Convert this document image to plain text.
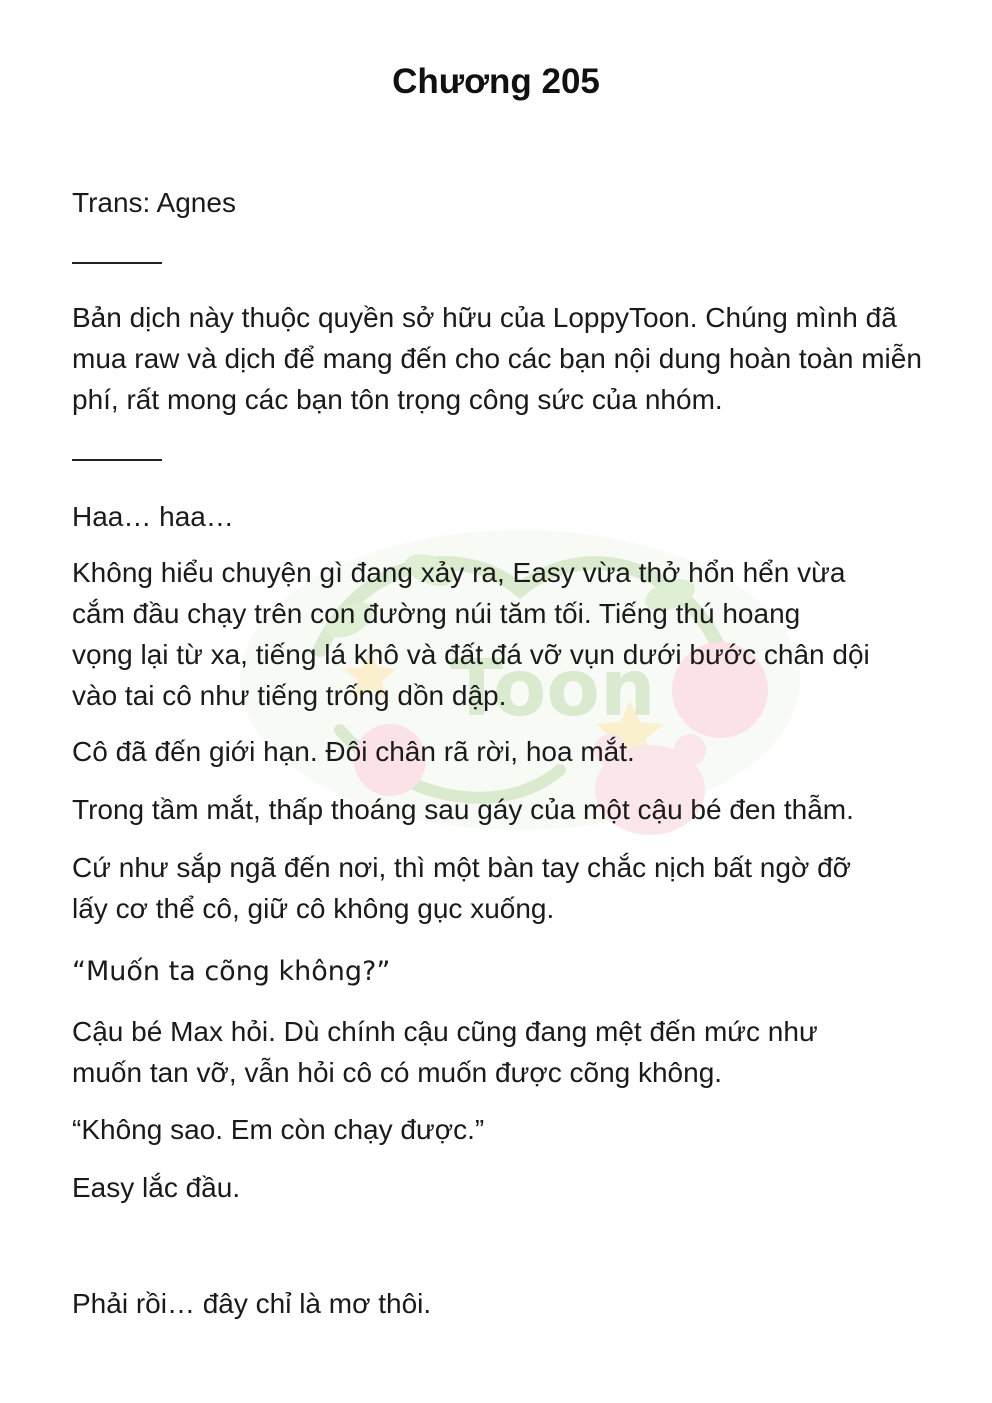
Toon
Chương 205

Trans: Agnes

Bản dịch này thuộc quyền sở hữu của LoppyToon. Chúng mình đã mua raw và dịch để mang đến cho các bạn nội dung hoàn toàn miễn phí, rất mong các bạn tôn trọng công sức của nhóm.

Haa… haa…

Không hiểu chuyện gì đang xảy ra, Easy vừa thở hổn hển vừa

cắm đầu chạy trên con đường núi tăm tối. Tiếng thú hoang

vọng lại từ xa, tiếng lá khô và đất đá vỡ vụn dưới bước chân dội

vào tai cô như tiếng trống dồn dập.

Cô đã đến giới hạn. Đôi chân rã rời, hoa mắt.

Trong tầm mắt, thấp thoáng sau gáy của một cậu bé đen thẫm.

Cứ như sắp ngã đến nơi, thì một bàn tay chắc nịch bất ngờ đỡ

lấy cơ thể cô, giữ cô không gục xuống.

“Muốn ta cõng không?”

Cậu bé Max hỏi. Dù chính cậu cũng đang mệt đến mức như

muốn tan vỡ, vẫn hỏi cô có muốn được cõng không.

“Không sao. Em còn chạy được.”

Easy lắc đầu.

Phải rồi… đây chỉ là mơ thôi.
